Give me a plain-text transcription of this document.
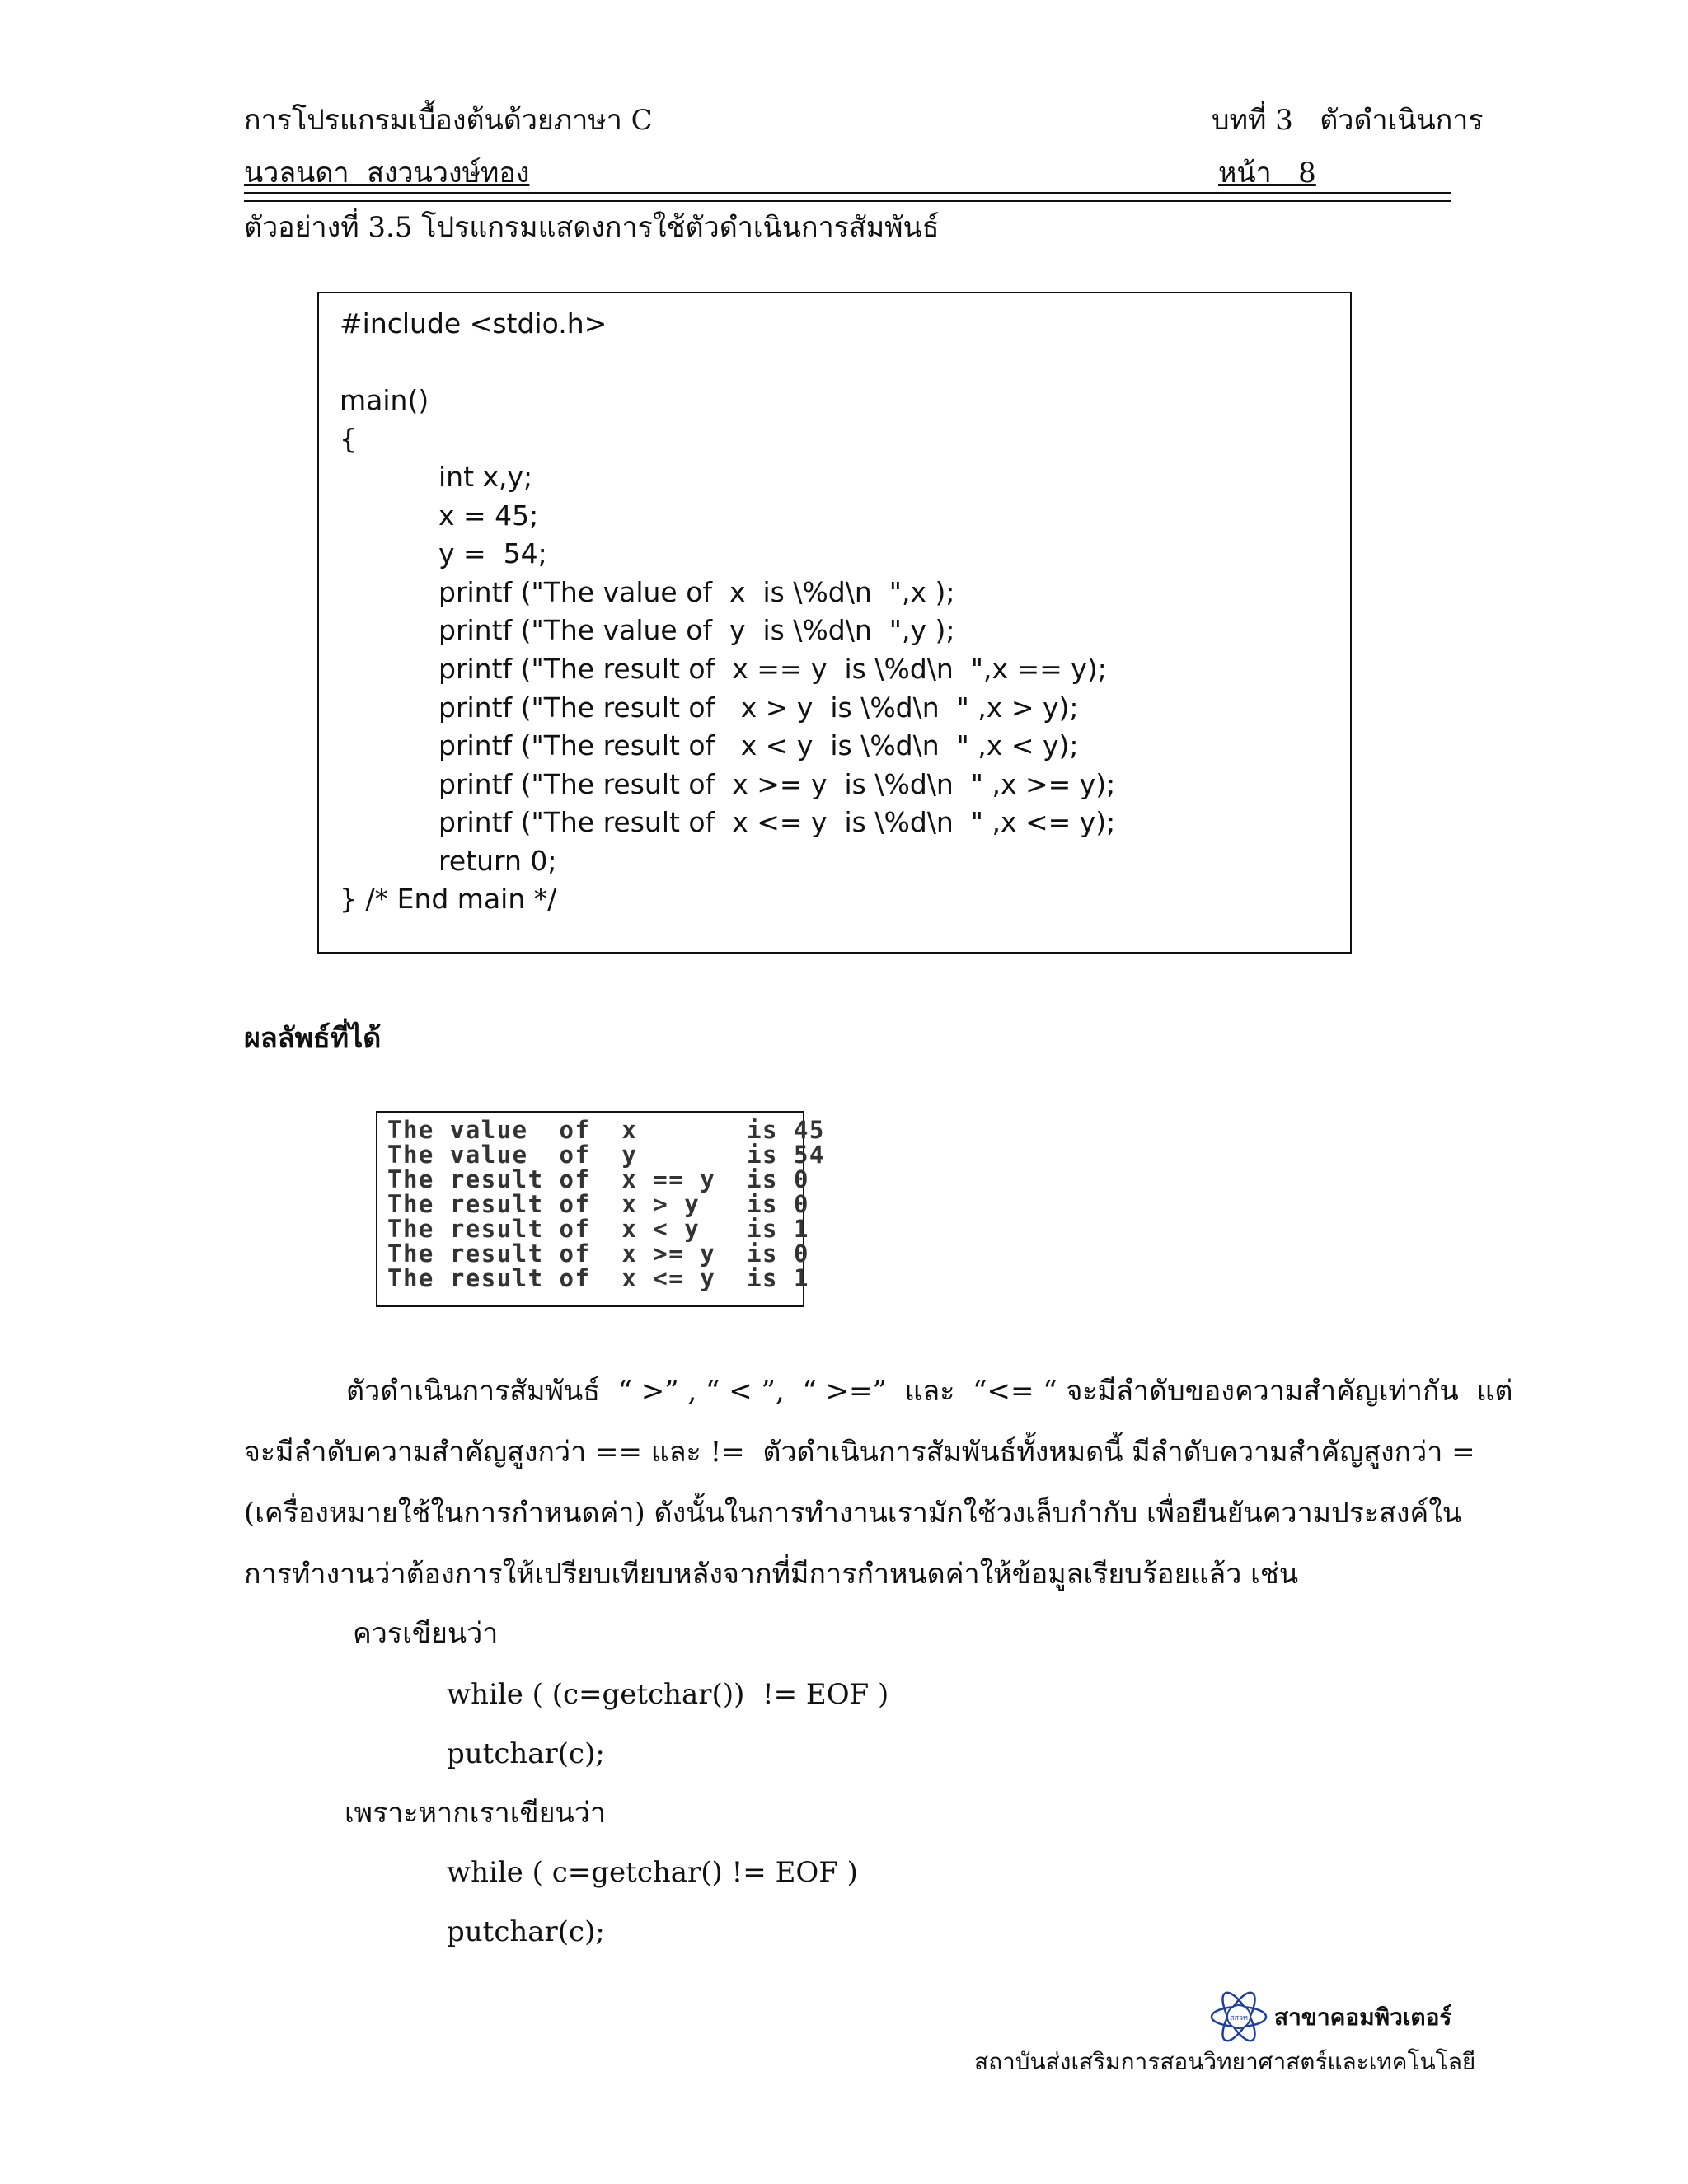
การโปรแกรมเบื้องต้นด้วยภาษา C	บทที่ 3   ตัวดำเนินการ
นวลนดา  สงวนวงษ์ทอง	หน้า   8
ตัวอย่างที่ 3.5 โปรแกรมแสดงการใช้ตัวดำเนินการสัมพันธ์
#include <stdio.h>
main()
{
int x,y;
x = 45;
y =  54;
printf ("The value of  x  is \%d\n  ",x );
printf ("The value of  y  is \%d\n  ",y );
printf ("The result of  x == y  is \%d\n  ",x == y);
printf ("The result of   x > y  is \%d\n  " ,x > y);
printf ("The result of   x < y  is \%d\n  " ,x < y);
printf ("The result of  x >= y  is \%d\n  " ,x >= y);
printf ("The result of  x <= y  is \%d\n  " ,x <= y);
return 0;
} /* End main */
ผลลัพธ์ที่ได้
The value  of  x       is 45
The value  of  y       is 54
The result of  x == y  is 0
The result of  x > y   is 0
The result of  x < y   is 1
The result of  x >= y  is 0
The result of  x <= y  is 1
ตัวดำเนินการสัมพันธ์  “ >” , “ < ”,  “ >=”  และ  “<= “ จะมีลำดับของความสำคัญเท่ากัน  แต่
จะมีลำดับความสำคัญสูงกว่า == และ !=  ตัวดำเนินการสัมพันธ์ทั้งหมดนี้ มีลำดับความสำคัญสูงกว่า =
(เครื่องหมายใช้ในการกำหนดค่า) ดังนั้นในการทำงานเรามักใช้วงเล็บกำกับ เพื่อยืนยันความประสงค์ใน
การทำงานว่าต้องการให้เปรียบเทียบหลังจากที่มีการกำหนดค่าให้ข้อมูลเรียบร้อยแล้ว เช่น
ควรเขียนว่า
while ( (c=getchar())  != EOF )
putchar(c);
เพราะหากเราเขียนว่า
while ( c=getchar() != EOF )
putchar(c);
สสวท สาขาคอมพิวเตอร์
สถาบันส่งเสริมการสอนวิทยาศาสตร์และเทคโนโลยี
